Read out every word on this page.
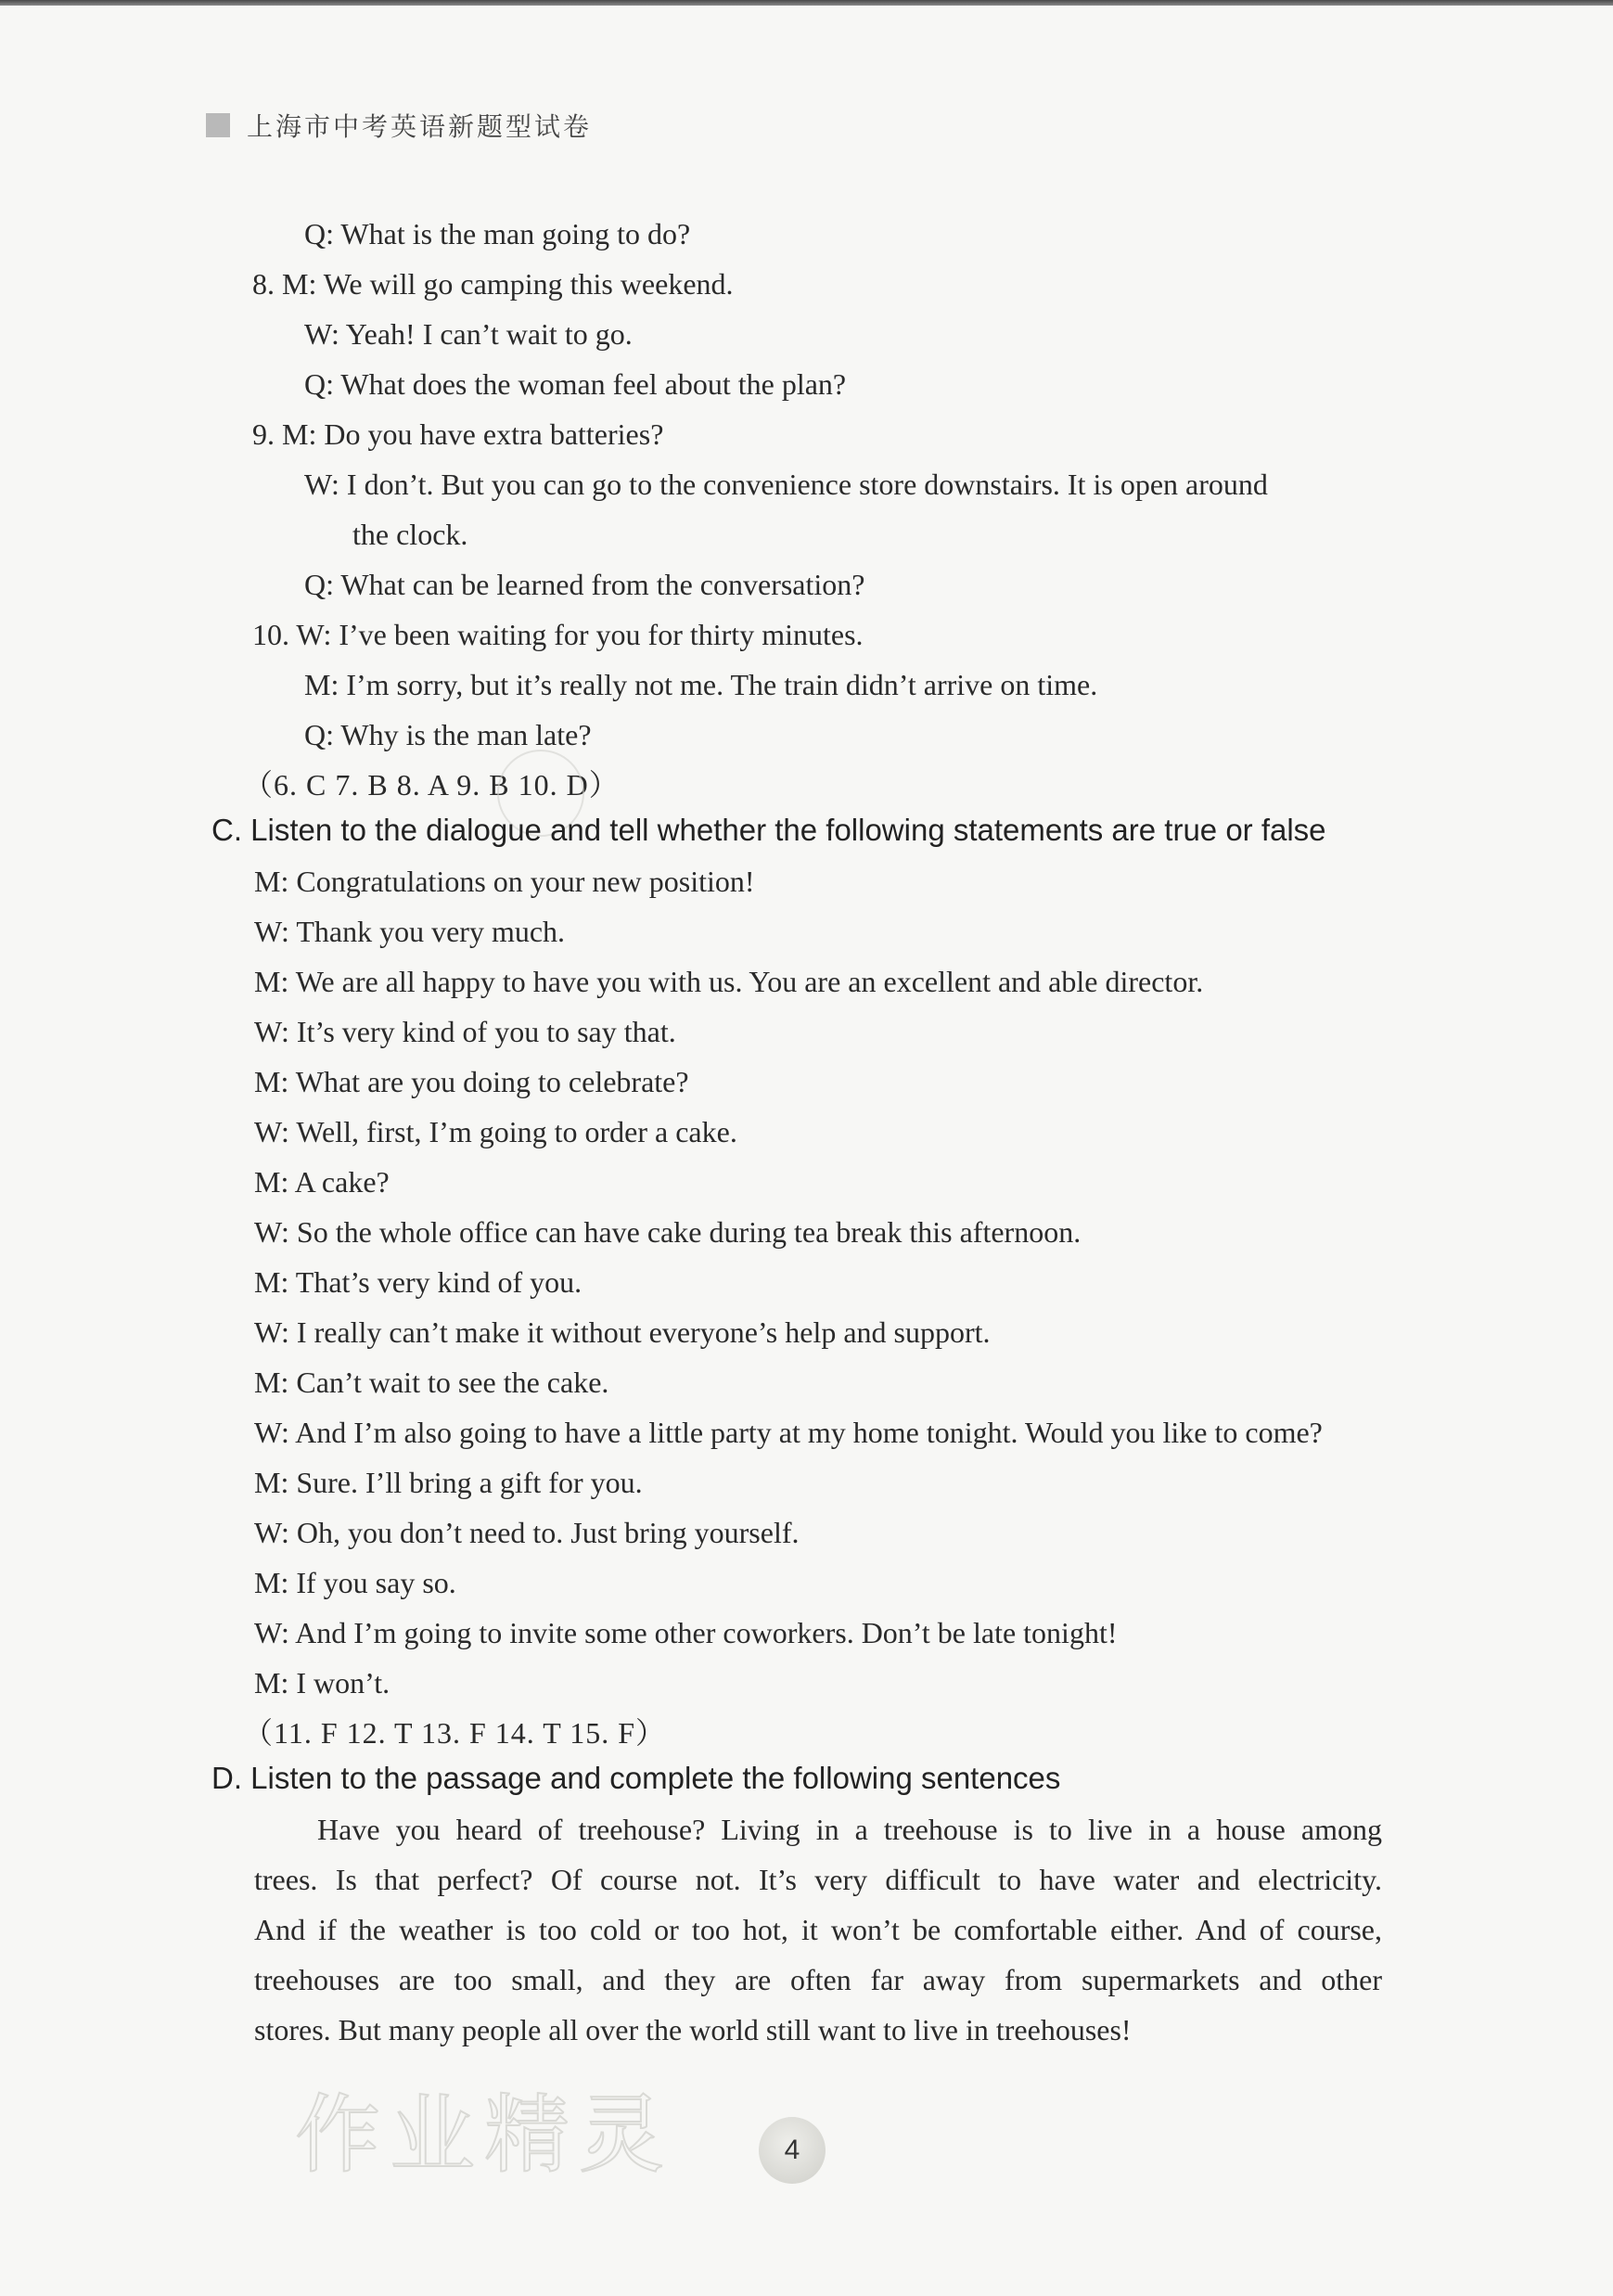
上海市中考英语新题型试卷
Q: What is the man going to do?
8. M: We will go camping this weekend.
W: Yeah! I can’t wait to go.
Q: What does the woman feel about the plan?
9. M: Do you have extra batteries?
W: I don’t. But you can go to the convenience store downstairs. It is open around
the clock.
Q: What can be learned from the conversation?
10. W: I’ve been waiting for you for thirty minutes.
M: I’m sorry, but it’s really not me. The train didn’t arrive on time.
Q: Why is the man late?
（6. C 7. B 8. A 9. B 10. D）
C. Listen to the dialogue and tell whether the following statements are true or false
M: Congratulations on your new position!
W: Thank you very much.
M: We are all happy to have you with us. You are an excellent and able director.
W: It’s very kind of you to say that.
M: What are you doing to celebrate?
W: Well, first, I’m going to order a cake.
M: A cake?
W: So the whole office can have cake during tea break this afternoon.
M: That’s very kind of you.
W: I really can’t make it without everyone’s help and support.
M: Can’t wait to see the cake.
W: And I’m also going to have a little party at my home tonight. Would you like to come?
M: Sure. I’ll bring a gift for you.
W: Oh, you don’t need to. Just bring yourself.
M: If you say so.
W: And I’m going to invite some other coworkers. Don’t be late tonight!
M: I won’t.
（11. F 12. T 13. F 14. T 15. F）
D. Listen to the passage and complete the following sentences
Have you heard of treehouse? Living in a treehouse is to live in a house among
trees. Is that perfect? Of course not. It’s very difficult to have water and electricity.
And if the weather is too cold or too hot, it won’t be comfortable either. And of course,
treehouses are too small, and they are often far away from supermarkets and other
stores. But many people all over the world still want to live in treehouses!
作业精灵	4
